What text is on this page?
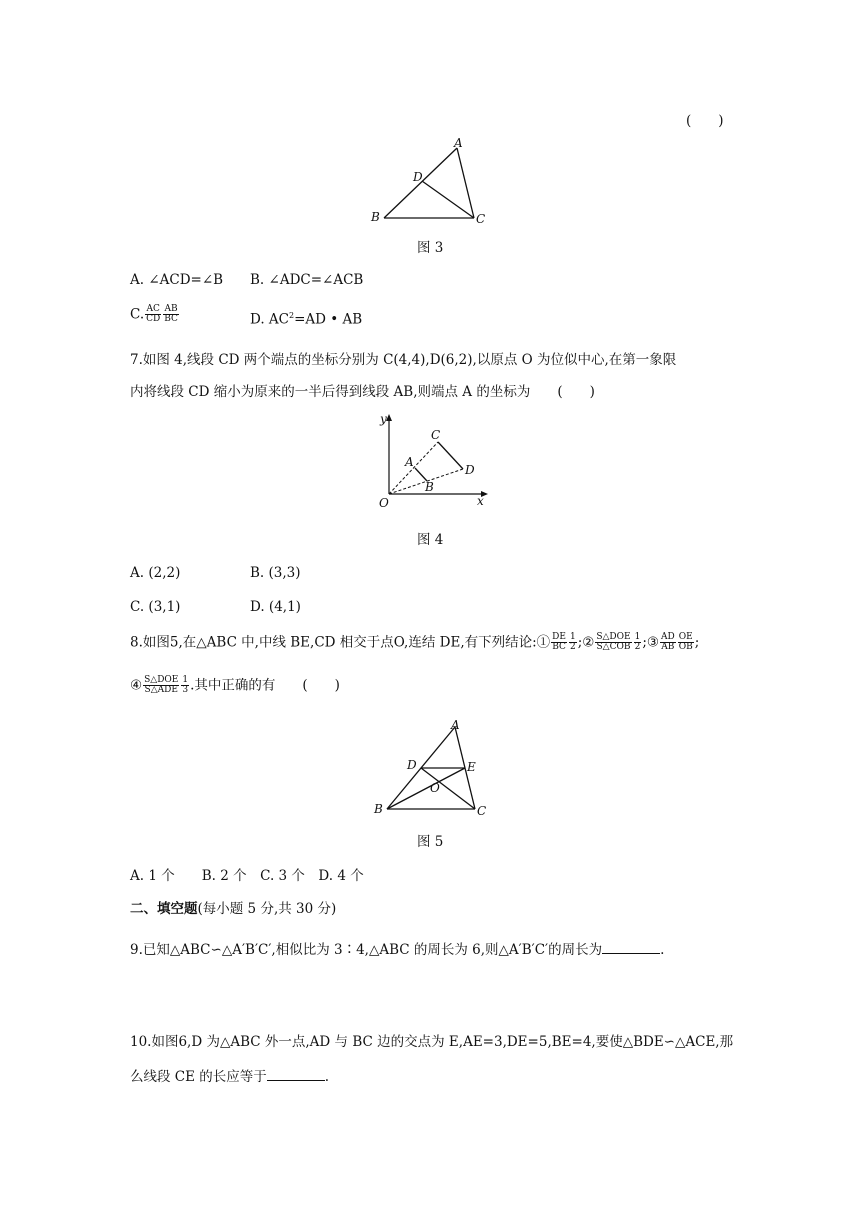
(　　)
A
B	C
D
图 3
A. ∠ACD=∠B B. ∠ADC=∠ACB
C. $\frac{AC}{CD} \frac{AB}{BC}$	D. $AC^2=AD$ • AB
7.如图 4,线段 CD 两个端点的坐标分别为 C(4,4),D(6,2),以原点 O 为位似中心,在第一象限
内将线段 CD 缩小为原来的一半后得到线段 AB,则端点 A 的坐标为　　(　　)
y
x
O
A
B
C
D
图 4
A. (2,2)	B. (3,3)
C. (3,1)	D. (4,1)
8.如图5,在△ABC 中,中线 BE,CD 相交于点O,连结 DE,有下列结论:① $\frac{DE}{BC} \frac{1}{2}$ ;② $\frac{\text{S△DOE}}{\text{S△COB}} \frac{1}{2}$ ;③ $\frac{AD}{AB} \frac{OE}{OB}$ ;
④ $\frac{\text{S△DOE}}{\text{S△ADE}} \frac{1}{3}$ .其中正确的有　　(　　)
A
B	C
D	E
O
图 5
A. 1 个　　B. 2 个　C. 3 个　D. 4 个
二、填空题(每小题 5 分,共 30 分)
9.已知△ABC∽△A′B′C′,相似比为 3∶4,△ABC 的周长为 6,则△A′B′C′的周长为	.
10.如图6,D 为△ABC 外一点,AD 与 BC 边的交点为 E,AE=3,DE=5,BE=4,要使△BDE∽△ACE,那
么线段 CE 的长应等于	.
